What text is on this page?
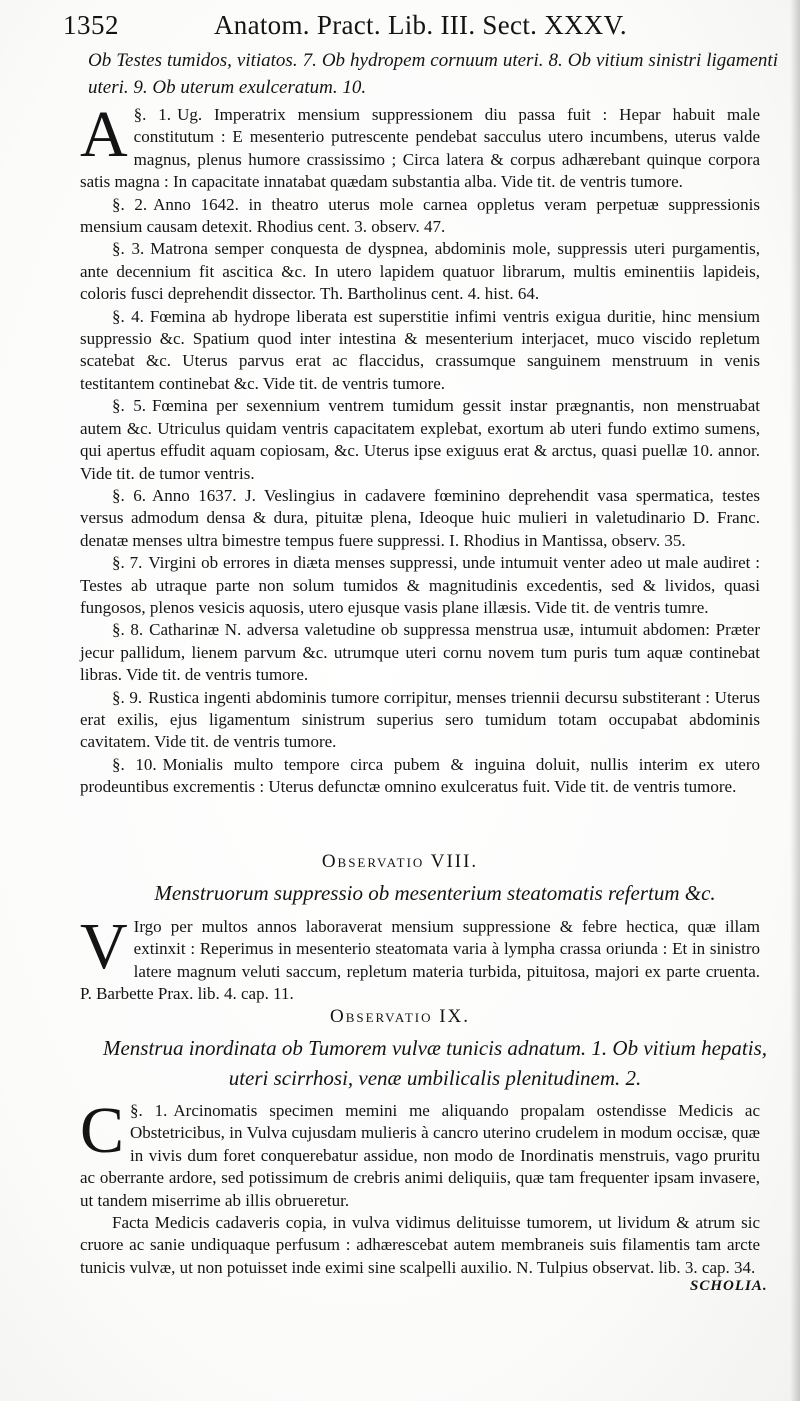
1352	Anatom. Pract. Lib. III. Sect. XXXV.
Ob Testes tumidos, vitiatos. 7. Ob hydropem cornuum uteri. 8. Ob vitium sinistri ligamenti uteri. 9. Ob uterum exulceratum. 10.

§. 1.
A	Ug. Imperatrix mensium suppressionem diu passa fuit : Hepar habuit male constitutum : E mesenterio putrescente pendebat sacculus utero incumbens, uterus valde magnus, plenus humore crassissimo ; Circa latera & corpus adhærebant quinque corpora satis magna : In capacitate innatabat quædam substantia alba. Vide tit. de ventris tumore.

§. 2. Anno 1642. in theatro uterus mole carnea oppletus veram perpetuæ suppressionis mensium causam detexit. Rhodius cent. 3. observ. 47.

§. 3. Matrona semper conquesta de dyspnea, abdominis mole, suppressis uteri purgamentis, ante decennium fit ascitica &c. In utero lapidem quatuor librarum, multis eminentiis lapideis, coloris fusci deprehendit dissector. Th. Bartholinus cent. 4. hist. 64.

§. 4. Fœmina ab hydrope liberata est superstitie infimi ventris exigua duritie, hinc mensium suppressio &c. Spatium quod inter intestina & mesenterium interjacet, muco viscido repletum scatebat &c. Uterus parvus erat ac flaccidus, crassumque sanguinem menstruum in venis testitantem continebat &c. Vide tit. de ventris tumore.

§. 5. Fœmina per sexennium ventrem tumidum gessit instar prægnantis, non menstruabat autem &c. Utriculus quidam ventris capacitatem explebat, exortum ab uteri fundo extimo sumens, qui apertus effudit aquam copiosam, &c. Uterus ipse exiguus erat & arctus, quasi puellæ 10. annor. Vide tit. de tumor ventris.

§. 6. Anno 1637. J. Veslingius in cadavere fœminino deprehendit vasa spermatica, testes versus admodum densa & dura, pituitæ plena, Ideoque huic mulieri in valetudinario D. Franc. denatæ menses ultra bimestre tempus fuere suppressi. I. Rhodius in Mantissa, observ. 35.

§. 7. Virgini ob errores in diæta menses suppressi, unde intumuit venter adeo ut male audiret : Testes ab utraque parte non solum tumidos & magnitudinis excedentis, sed & lividos, quasi fungosos, plenos vesicis aquosis, utero ejusque vasis plane illæsis. Vide tit. de ventris tumre.

§. 8. Catharinæ N. adversa valetudine ob suppressa menstrua usæ, intumuit abdomen: Præter jecur pallidum, lienem parvum &c. utrumque uteri cornu novem tum puris tum aquæ continebat libras. Vide tit. de ventris tumore.

§. 9. Rustica ingenti abdominis tumore corripitur, menses triennii decursu substiterant : Uterus erat exilis, ejus ligamentum sinistrum superius sero tumidum totam occupabat abdominis cavitatem. Vide tit. de ventris tumore.

§. 10. Monialis multo tempore circa pubem & inguina doluit, nullis interim ex utero prodeuntibus excrementis : Uterus defunctæ omnino exulceratus fuit. Vide tit. de ventris tumore.

Observatio VIII.
Menstruorum suppressio ob mesenterium steatomatis refertum &c.

V Irgo per multos annos laboraverat mensium suppressione & febre hectica, quæ illam extinxit : Reperimus in mesenterio steatomata varia à lympha crassa oriunda : Et in sinistro latere magnum veluti saccum, repletum materia turbida, pituitosa, majori ex parte cruenta. P. Barbette Prax. lib. 4. cap. 11.

Observatio IX.
Menstrua inordinata ob Tumorem vulvæ tunicis adnatum. 1. Ob vitium hepatis, uteri scirrhosi, venæ umbilicalis plenitudinem. 2.

§. 1.
C	Arcinomatis specimen memini me aliquando propalam ostendisse Medicis ac Obstetricibus, in Vulva cujusdam mulieris à cancro uterino crudelem in modum occisæ, quæ in vivis dum foret conquerebatur assidue, non modo de Inordinatis menstruis, vago pruritu ac oberrante ardore, sed potissimum de crebris animi deliquiis, quæ tam frequenter ipsam invasere, ut tandem miserrime ab illis obrueretur.

Facta Medicis cadaveris copia, in vulva vidimus delituisse tumorem, ut lividum & atrum sic cruore ac sanie undiquaque perfusum : adhærescebat autem membraneis suis filamentis tam arcte tunicis vulvæ, ut non potuisset inde eximi sine scalpelli auxilio. N. Tulpius observat. lib. 3. cap. 34.

SCHOLIA.
